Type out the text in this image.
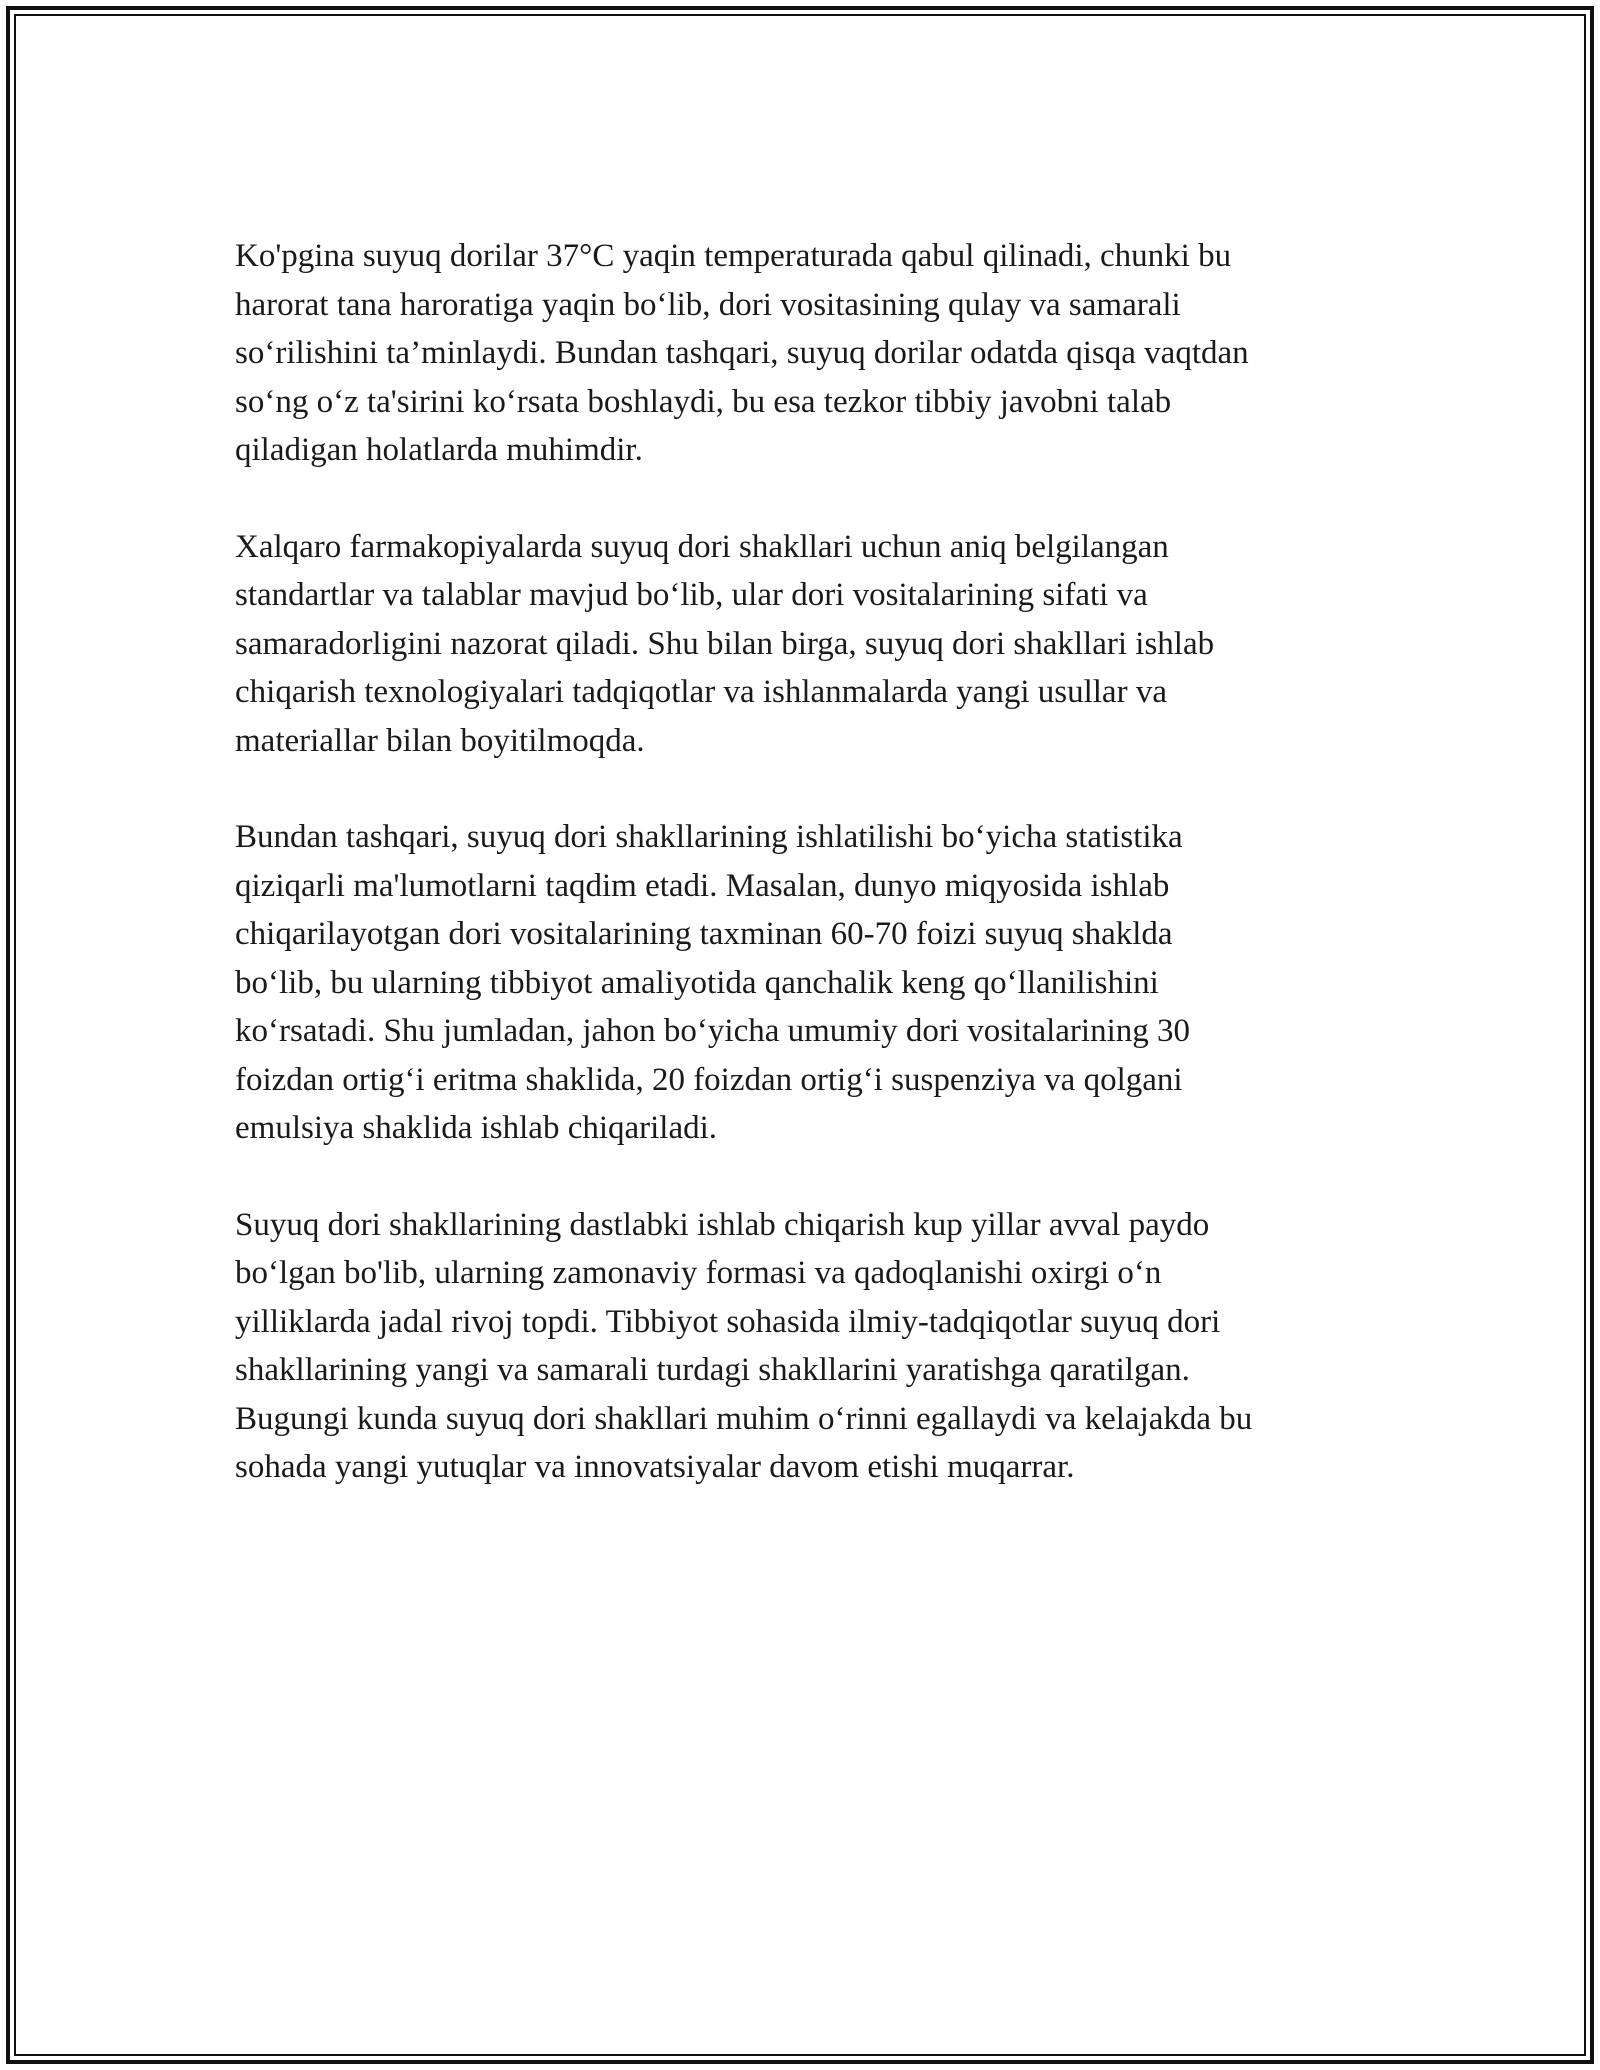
Ko'pgina suyuq dorilar 37°C yaqin temperaturada qabul qilinadi, chunki bu
harorat tana haroratiga yaqin bo‘lib, dori vositasining qulay va samarali
so‘rilishini ta’minlaydi. Bundan tashqari, suyuq dorilar odatda qisqa vaqtdan
so‘ng o‘z ta'sirini ko‘rsata boshlaydi, bu esa tezkor tibbiy javobni talab
qiladigan holatlarda muhimdir.

Xalqaro farmakopiyalarda suyuq dori shakllari uchun aniq belgilangan
standartlar va talablar mavjud bo‘lib, ular dori vositalarining sifati va
samaradorligini nazorat qiladi. Shu bilan birga, suyuq dori shakllari ishlab
chiqarish texnologiyalari tadqiqotlar va ishlanmalarda yangi usullar va
materiallar bilan boyitilmoqda.

Bundan tashqari, suyuq dori shakllarining ishlatilishi bo‘yicha statistika
qiziqarli ma'lumotlarni taqdim etadi. Masalan, dunyo miqyosida ishlab
chiqarilayotgan dori vositalarining taxminan 60-70 foizi suyuq shaklda
bo‘lib, bu ularning tibbiyot amaliyotida qanchalik keng qo‘llanilishini
ko‘rsatadi. Shu jumladan, jahon bo‘yicha umumiy dori vositalarining 30
foizdan ortig‘i eritma shaklida, 20 foizdan ortig‘i suspenziya va qolgani
emulsiya shaklida ishlab chiqariladi.

Suyuq dori shakllarining dastlabki ishlab chiqarish kup yillar avval paydo
bo‘lgan bo'lib, ularning zamonaviy formasi va qadoqlanishi oxirgi o‘n
yilliklarda jadal rivoj topdi. Tibbiyot sohasida ilmiy-tadqiqotlar suyuq dori
shakllarining yangi va samarali turdagi shakllarini yaratishga qaratilgan.
Bugungi kunda suyuq dori shakllari muhim o‘rinni egallaydi va kelajakda bu
sohada yangi yutuqlar va innovatsiyalar davom etishi muqarrar.
